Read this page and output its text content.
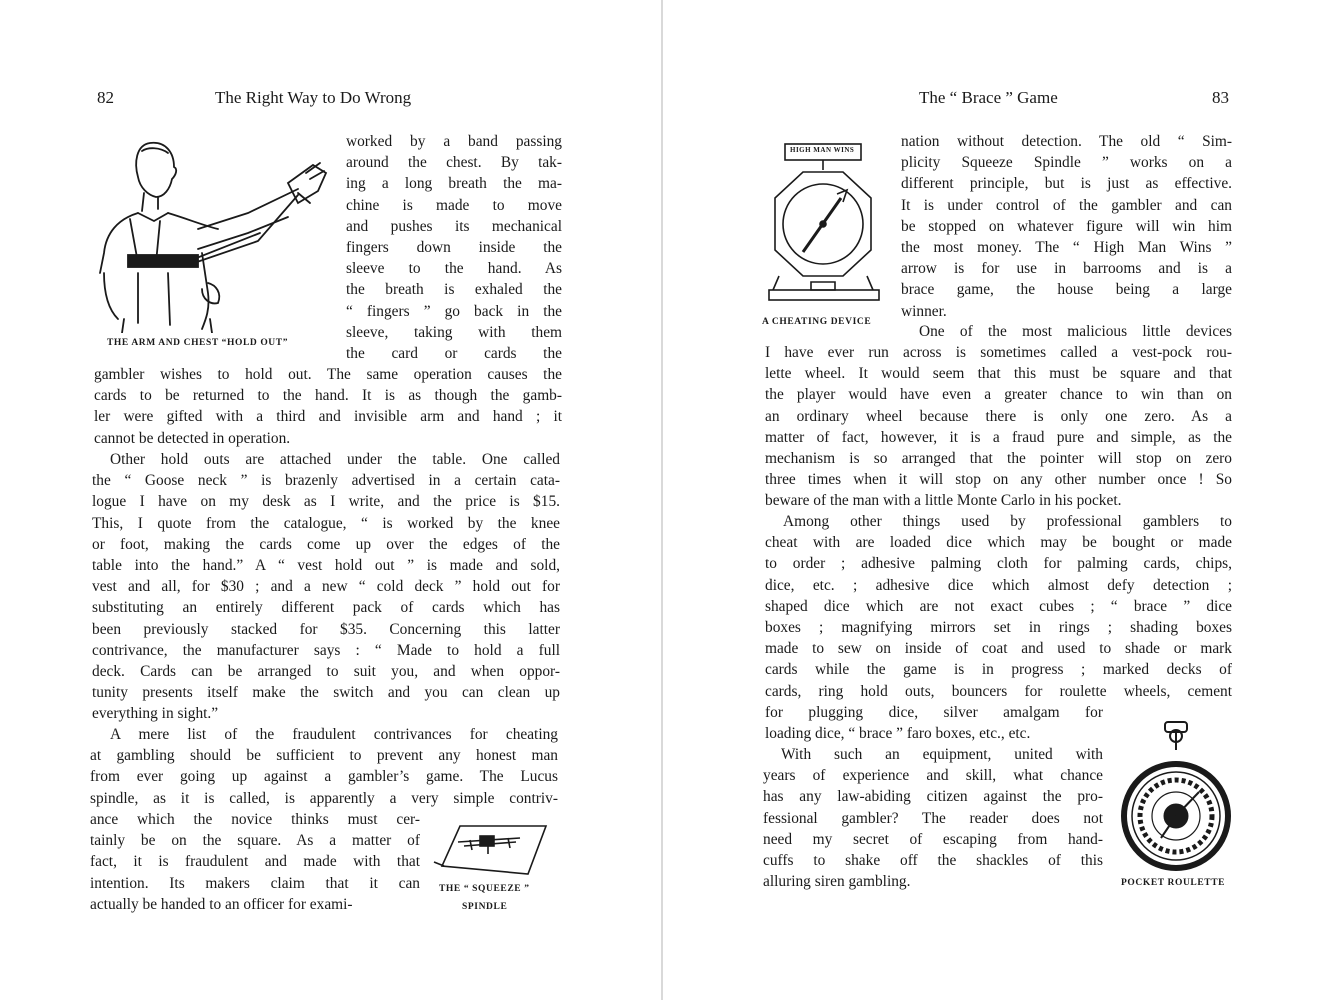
82	The Right Way to Do Wrong
THE ARM AND CHEST “HOLD OUT”

worked by a band passing
around the chest. By tak-
ing a long breath the ma-
chine is made to move
and pushes its mechanical
fingers down inside the
sleeve to the hand. As
the breath is exhaled the
“ fingers ” go back in the
sleeve, taking with them
the card or cards the

gambler wishes to hold out. The same operation causes the
cards to be returned to the hand. It is as though the gamb-
ler were gifted with a third and invisible arm and hand ; it
cannot be detected in operation.

Other hold outs are attached under the table. One called
the “ Goose neck ” is brazenly advertised in a certain cata-
logue I have on my desk as I write, and the price is $15.
This, I quote from the catalogue, “ is worked by the knee
or foot, making the cards come up over the edges of the
table into the hand.” A “ vest hold out ” is made and sold,
vest and all, for $30 ; and a new “ cold deck ” hold out for
substituting an entirely different pack of cards which has
been previously stacked for $35. Concerning this latter
contrivance, the manufacturer says : “ Made to hold a full
deck. Cards can be arranged to suit you, and when oppor-
tunity presents itself make the switch and you can clean up
everything in sight.”

A mere list of the fraudulent contrivances for cheating
at gambling should be sufficient to prevent any honest man
from ever going up against a gambler’s game. The Lucus
spindle, as it is called, is apparently a very simple contriv-

ance which the novice thinks must cer-
tainly be on the square. As a matter of
fact, it is fraudulent and made with that
intention. Its makers claim that it can
actually be handed to an officer for exami-

THE “ SQUEEZE ”
SPINDLE
The “ Brace ” Game	83
HIGH MAN WINS
A CHEATING DEVICE

nation without detection. The old “ Sim-
plicity Squeeze Spindle ” works on a
different principle, but is just as effective.
It is under control of the gambler and can
be stopped on whatever figure will win him
the most money. The “ High Man Wins ”
arrow is for use in barrooms and is a
brace game, the house being a large
winner.

One of the most malicious little devices

I have ever run across is sometimes called a vest-pock rou-
lette wheel. It would seem that this must be square and that
the player would have even a greater chance to win than on
an ordinary wheel because there is only one zero. As a
matter of fact, however, it is a fraud pure and simple, as the
mechanism is so arranged that the pointer will stop on zero
three times when it will stop on any other number once ! So
beware of the man with a little Monte Carlo in his pocket.

Among other things used by professional gamblers to
cheat with are loaded dice which may be bought or made
to order ; adhesive palming cloth for palming cards, chips,
dice, etc. ; adhesive dice which almost defy detection ;
shaped dice which are not exact cubes ; “ brace ” dice
boxes ; magnifying mirrors set in rings ; shading boxes
made to sew on inside of coat and used to shade or mark
cards while the game is in progress ; marked decks of
cards, ring hold outs, bouncers for roulette wheels, cement

for plugging dice, silver amalgam for
loading dice, “ brace ” faro boxes, etc., etc.

With such an equipment, united with
years of experience and skill, what chance
has any law-abiding citizen against the pro-
fessional gambler? The reader does not
need my secret of escaping from hand-
cuffs to shake off the shackles of this
alluring siren gambling.	POCKET ROULETTE
